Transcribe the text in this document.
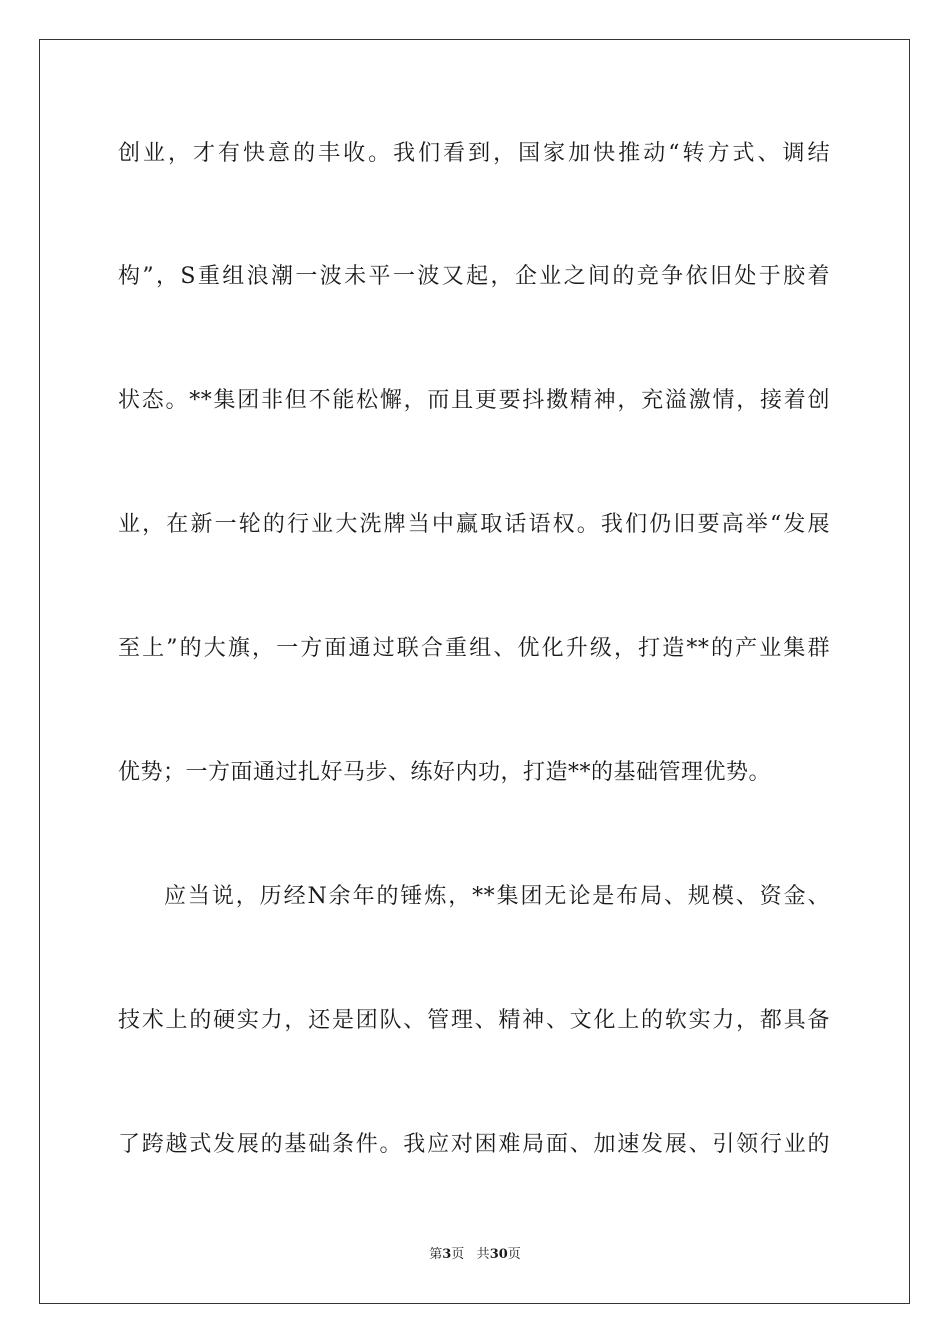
创业，才有快意的丰收。我们看到，国家加快推动“转方式、调结
构”，S重组浪潮一波未平一波又起，企业之间的竞争依旧处于胶着
状态。**集团非但不能松懈，而且更要抖擞精神，充溢激情，接着创
业，在新一轮的行业大洗牌当中赢取话语权。我们仍旧要高举“发展
至上”的大旗，一方面通过联合重组、优化升级，打造**的产业集群
优势；一方面通过扎好马步、练好内功，打造**的基础管理优势。
应当说，历经N余年的锤炼，**集团无论是布局、规模、资金、
技术上的硬实力，还是团队、管理、精神、文化上的软实力，都具备
了跨越式发展的基础条件。我应对困难局面、加速发展、引领行业的
第3页 共30页
